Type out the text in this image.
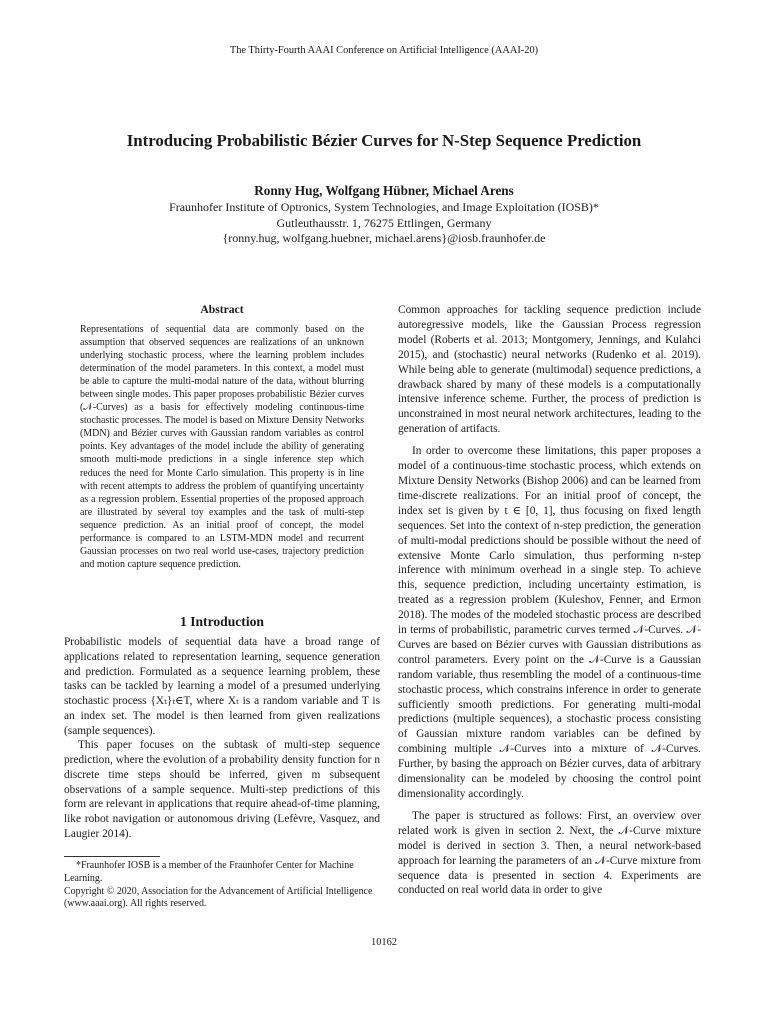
The Thirty-Fourth AAAI Conference on Artificial Intelligence (AAAI-20)
Introducing Probabilistic Bézier Curves for N-Step Sequence Prediction
Ronny Hug, Wolfgang Hübner, Michael Arens
Fraunhofer Institute of Optronics, System Technologies, and Image Exploitation (IOSB)*
Gutleuthausstr. 1, 76275 Ettlingen, Germany
{ronny.hug, wolfgang.huebner, michael.arens}@iosb.fraunhofer.de
Abstract
Representations of sequential data are commonly based on the assumption that observed sequences are realizations of an unknown underlying stochastic process, where the learning problem includes determination of the model parameters. In this context, a model must be able to capture the multi-modal nature of the data, without blurring between single modes. This paper proposes probabilistic Bézier curves (𝒩-Curves) as a basis for effectively modeling continuous-time stochastic processes. The model is based on Mixture Density Networks (MDN) and Bézier curves with Gaussian random variables as control points. Key advantages of the model include the ability of generating smooth multi-mode predictions in a single inference step which reduces the need for Monte Carlo simulation. This property is in line with recent attempts to address the problem of quantifying uncertainty as a regression problem. Essential properties of the proposed approach are illustrated by several toy examples and the task of multi-step sequence prediction. As an initial proof of concept, the model performance is compared to an LSTM-MDN model and recurrent Gaussian processes on two real world use-cases, trajectory prediction and motion capture sequence prediction.
1 Introduction

Probabilistic models of sequential data have a broad range of applications related to representation learning, sequence generation and prediction. Formulated as a sequence learning problem, these tasks can be tackled by learning a model of a presumed underlying stochastic process {Xₜ}ₜ∈T, where Xₜ is a random variable and T is an index set. The model is then learned from given realizations (sample sequences).

This paper focuses on the subtask of multi-step sequence prediction, where the evolution of a probability density function for n discrete time steps should be inferred, given m subsequent observations of a sample sequence. Multi-step predictions of this form are relevant in applications that require ahead-of-time planning, like robot navigation or autonomous driving (Lefèvre, Vasquez, and Laugier 2014).

*Fraunhofer IOSB is a member of the Fraunhofer Center for Machine Learning.
Copyright © 2020, Association for the Advancement of Artificial Intelligence (www.aaai.org). All rights reserved.

Common approaches for tackling sequence prediction include autoregressive models, like the Gaussian Process regression model (Roberts et al. 2013; Montgomery, Jennings, and Kulahci 2015), and (stochastic) neural networks (Rudenko et al. 2019). While being able to generate (multimodal) sequence predictions, a drawback shared by many of these models is a computationally intensive inference scheme. Further, the process of prediction is unconstrained in most neural network architectures, leading to the generation of artifacts.

In order to overcome these limitations, this paper proposes a model of a continuous-time stochastic process, which extends on Mixture Density Networks (Bishop 2006) and can be learned from time-discrete realizations. For an initial proof of concept, the index set is given by t ∈ [0, 1], thus focusing on fixed length sequences. Set into the context of n-step prediction, the generation of multi-modal predictions should be possible without the need of extensive Monte Carlo simulation, thus performing n-step inference with minimum overhead in a single step. To achieve this, sequence prediction, including uncertainty estimation, is treated as a regression problem (Kuleshov, Fenner, and Ermon 2018). The modes of the modeled stochastic process are described in terms of probabilistic, parametric curves termed 𝒩-Curves. 𝒩-Curves are based on Bézier curves with Gaussian distributions as control parameters. Every point on the 𝒩-Curve is a Gaussian random variable, thus resembling the model of a continuous-time stochastic process, which constrains inference in order to generate sufficiently smooth predictions. For generating multi-modal predictions (multiple sequences), a stochastic process consisting of Gaussian mixture random variables can be defined by combining multiple 𝒩-Curves into a mixture of 𝒩-Curves. Further, by basing the approach on Bézier curves, data of arbitrary dimensionality can be modeled by choosing the control point dimensionality accordingly.

The paper is structured as follows: First, an overview over related work is given in section 2. Next, the 𝒩-Curve mixture model is derived in section 3. Then, a neural network-based approach for learning the parameters of an 𝒩-Curve mixture from sequence data is presented in section 4. Experiments are conducted on real world data in order to give

10162
